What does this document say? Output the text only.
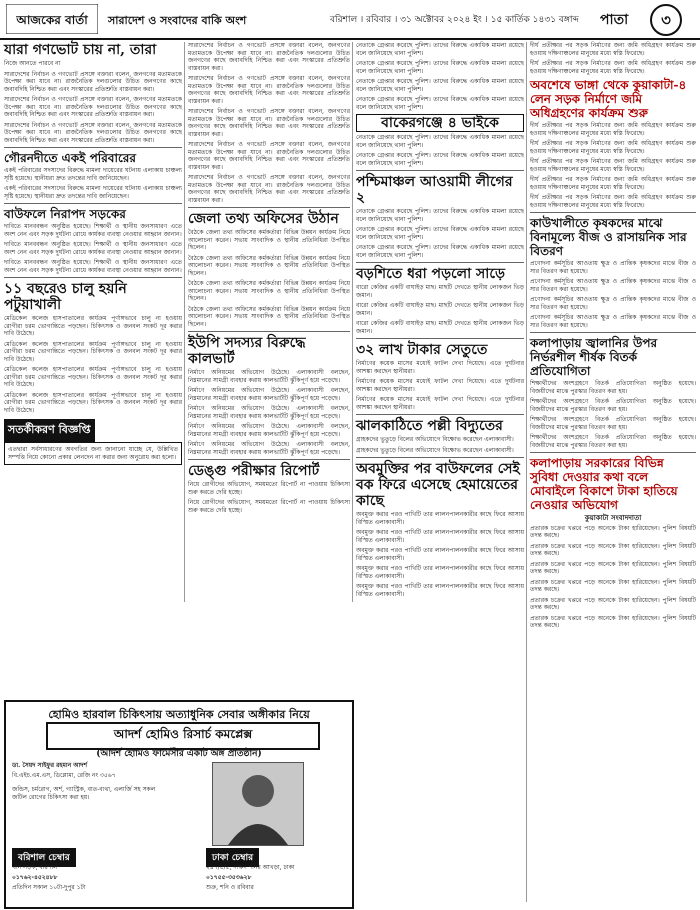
আজকের বার্তা সারাদেশ ও সংবাদের বাকি অংশ	বরিশাল । রবিবার । ৩১ অক্টোবর ২০২৪ ইং । ১৫ কার্তিক ১৪৩১ বঙ্গাব্দ পাতা	৩
যারা গণভোট চায় না, তারা
নিজে আনতে পারবে না
সারাদেশের নির্বাচন ও গণভোট প্রসঙ্গে বক্তারা বলেন, জনগণের মতামতকে উপেক্ষা করা যাবে না। রাজনৈতিক দলগুলোর উচিত জনগণের কাছে জবাবদিহি নিশ্চিত করা এবং সংস্কারের প্রতিশ্রুতি বাস্তবায়ন করা।
সারাদেশের নির্বাচন ও গণভোট প্রসঙ্গে বক্তারা বলেন, জনগণের মতামতকে উপেক্ষা করা যাবে না। রাজনৈতিক দলগুলোর উচিত জনগণের কাছে জবাবদিহি নিশ্চিত করা এবং সংস্কারের প্রতিশ্রুতি বাস্তবায়ন করা।
সারাদেশের নির্বাচন ও গণভোট প্রসঙ্গে বক্তারা বলেন, জনগণের মতামতকে উপেক্ষা করা যাবে না। রাজনৈতিক দলগুলোর উচিত জনগণের কাছে জবাবদিহি নিশ্চিত করা এবং সংস্কারের প্রতিশ্রুতি বাস্তবায়ন করা।
গৌরনদীতে একই পরিবারের
একই পরিবারের সদস্যদের বিরুদ্ধে মামলা দায়েরের ঘটনায় এলাকায় চাঞ্চল্য সৃষ্টি হয়েছে। স্থানীয়রা দ্রুত তদন্তের দাবি জানিয়েছেন।
একই পরিবারের সদস্যদের বিরুদ্ধে মামলা দায়েরের ঘটনায় এলাকায় চাঞ্চল্য সৃষ্টি হয়েছে। স্থানীয়রা দ্রুত তদন্তের দাবি জানিয়েছেন।
বাউফলে নিরাপদ সড়কের
দাবিতে মানববন্ধন অনুষ্ঠিত হয়েছে। শিক্ষার্থী ও স্থানীয় জনসাধারণ এতে অংশ নেন এবং সড়ক দুর্ঘটনা রোধে কার্যকর ব্যবস্থা নেওয়ার আহ্বান জানান।
দাবিতে মানববন্ধন অনুষ্ঠিত হয়েছে। শিক্ষার্থী ও স্থানীয় জনসাধারণ এতে অংশ নেন এবং সড়ক দুর্ঘটনা রোধে কার্যকর ব্যবস্থা নেওয়ার আহ্বান জানান।
দাবিতে মানববন্ধন অনুষ্ঠিত হয়েছে। শিক্ষার্থী ও স্থানীয় জনসাধারণ এতে অংশ নেন এবং সড়ক দুর্ঘটনা রোধে কার্যকর ব্যবস্থা নেওয়ার আহ্বান জানান।
১১ বছরেও চালু হয়নি পটুয়াখালী
মেডিকেল কলেজ হাসপাতালের কার্যক্রম পূর্ণাঙ্গভাবে চালু না হওয়ায় রোগীরা চরম ভোগান্তিতে পড়ছেন। চিকিৎসক ও জনবল সংকট দূর করার দাবি উঠেছে।
মেডিকেল কলেজ হাসপাতালের কার্যক্রম পূর্ণাঙ্গভাবে চালু না হওয়ায় রোগীরা চরম ভোগান্তিতে পড়ছেন। চিকিৎসক ও জনবল সংকট দূর করার দাবি উঠেছে।
মেডিকেল কলেজ হাসপাতালের কার্যক্রম পূর্ণাঙ্গভাবে চালু না হওয়ায় রোগীরা চরম ভোগান্তিতে পড়ছেন। চিকিৎসক ও জনবল সংকট দূর করার দাবি উঠেছে।
মেডিকেল কলেজ হাসপাতালের কার্যক্রম পূর্ণাঙ্গভাবে চালু না হওয়ায় রোগীরা চরম ভোগান্তিতে পড়ছেন। চিকিৎসক ও জনবল সংকট দূর করার দাবি উঠেছে।
সতর্কীকরণ বিজ্ঞপ্তি
এতদ্বারা সর্বসাধারণের অবগতির জন্য জানানো যাচ্ছে যে, উল্লিখিত সম্পত্তি নিয়ে কোনো প্রকার লেনদেন না করার জন্য অনুরোধ করা হলো।
সারাদেশের নির্বাচন ও গণভোট প্রসঙ্গে বক্তারা বলেন, জনগণের মতামতকে উপেক্ষা করা যাবে না। রাজনৈতিক দলগুলোর উচিত জনগণের কাছে জবাবদিহি নিশ্চিত করা এবং সংস্কারের প্রতিশ্রুতি বাস্তবায়ন করা।
সারাদেশের নির্বাচন ও গণভোট প্রসঙ্গে বক্তারা বলেন, জনগণের মতামতকে উপেক্ষা করা যাবে না। রাজনৈতিক দলগুলোর উচিত জনগণের কাছে জবাবদিহি নিশ্চিত করা এবং সংস্কারের প্রতিশ্রুতি বাস্তবায়ন করা।
সারাদেশের নির্বাচন ও গণভোট প্রসঙ্গে বক্তারা বলেন, জনগণের মতামতকে উপেক্ষা করা যাবে না। রাজনৈতিক দলগুলোর উচিত জনগণের কাছে জবাবদিহি নিশ্চিত করা এবং সংস্কারের প্রতিশ্রুতি বাস্তবায়ন করা।
সারাদেশের নির্বাচন ও গণভোট প্রসঙ্গে বক্তারা বলেন, জনগণের মতামতকে উপেক্ষা করা যাবে না। রাজনৈতিক দলগুলোর উচিত জনগণের কাছে জবাবদিহি নিশ্চিত করা এবং সংস্কারের প্রতিশ্রুতি বাস্তবায়ন করা।
সারাদেশের নির্বাচন ও গণভোট প্রসঙ্গে বক্তারা বলেন, জনগণের মতামতকে উপেক্ষা করা যাবে না। রাজনৈতিক দলগুলোর উচিত জনগণের কাছে জবাবদিহি নিশ্চিত করা এবং সংস্কারের প্রতিশ্রুতি বাস্তবায়ন করা।
জেলা তথ্য অফিসের উঠান
বৈঠকে জেলা তথ্য অফিসের কর্মকর্তারা বিভিন্ন উন্নয়ন কার্যক্রম নিয়ে আলোচনা করেন। সভায় সাংবাদিক ও স্থানীয় প্রতিনিধিরা উপস্থিত ছিলেন।
বৈঠকে জেলা তথ্য অফিসের কর্মকর্তারা বিভিন্ন উন্নয়ন কার্যক্রম নিয়ে আলোচনা করেন। সভায় সাংবাদিক ও স্থানীয় প্রতিনিধিরা উপস্থিত ছিলেন।
বৈঠকে জেলা তথ্য অফিসের কর্মকর্তারা বিভিন্ন উন্নয়ন কার্যক্রম নিয়ে আলোচনা করেন। সভায় সাংবাদিক ও স্থানীয় প্রতিনিধিরা উপস্থিত ছিলেন।
বৈঠকে জেলা তথ্য অফিসের কর্মকর্তারা বিভিন্ন উন্নয়ন কার্যক্রম নিয়ে আলোচনা করেন। সভায় সাংবাদিক ও স্থানীয় প্রতিনিধিরা উপস্থিত ছিলেন।
ইউপি সদস্যর বিরুদ্ধে কালভার্ট
নির্মাণে অনিয়মের অভিযোগ উঠেছে। এলাকাবাসী বলছেন, নিম্নমানের সামগ্রী ব্যবহার করায় কালভার্টটি ঝুঁকিপূর্ণ হয়ে পড়েছে।
নির্মাণে অনিয়মের অভিযোগ উঠেছে। এলাকাবাসী বলছেন, নিম্নমানের সামগ্রী ব্যবহার করায় কালভার্টটি ঝুঁকিপূর্ণ হয়ে পড়েছে।
নির্মাণে অনিয়মের অভিযোগ উঠেছে। এলাকাবাসী বলছেন, নিম্নমানের সামগ্রী ব্যবহার করায় কালভার্টটি ঝুঁকিপূর্ণ হয়ে পড়েছে।
নির্মাণে অনিয়মের অভিযোগ উঠেছে। এলাকাবাসী বলছেন, নিম্নমানের সামগ্রী ব্যবহার করায় কালভার্টটি ঝুঁকিপূর্ণ হয়ে পড়েছে।
নির্মাণে অনিয়মের অভিযোগ উঠেছে। এলাকাবাসী বলছেন, নিম্নমানের সামগ্রী ব্যবহার করায় কালভার্টটি ঝুঁকিপূর্ণ হয়ে পড়েছে।
ডেঙ্গু পরীক্ষার রিপোর্ট
নিয়ে রোগীদের অভিযোগ, সময়মতো রিপোর্ট না পাওয়ায় চিকিৎসা শুরু করতে দেরি হচ্ছে।
নিয়ে রোগীদের অভিযোগ, সময়মতো রিপোর্ট না পাওয়ায় চিকিৎসা শুরু করতে দেরি হচ্ছে।
নেতাকে গ্রেপ্তার করেছে পুলিশ। তাদের বিরুদ্ধে একাধিক মামলা রয়েছে বলে জানিয়েছে থানা পুলিশ।
নেতাকে গ্রেপ্তার করেছে পুলিশ। তাদের বিরুদ্ধে একাধিক মামলা রয়েছে বলে জানিয়েছে থানা পুলিশ।
নেতাকে গ্রেপ্তার করেছে পুলিশ। তাদের বিরুদ্ধে একাধিক মামলা রয়েছে বলে জানিয়েছে থানা পুলিশ।
নেতাকে গ্রেপ্তার করেছে পুলিশ। তাদের বিরুদ্ধে একাধিক মামলা রয়েছে বলে জানিয়েছে থানা পুলিশ।
বাকেরগঞ্জে ৪ ভাইকে
নেতাকে গ্রেপ্তার করেছে পুলিশ। তাদের বিরুদ্ধে একাধিক মামলা রয়েছে বলে জানিয়েছে থানা পুলিশ।
নেতাকে গ্রেপ্তার করেছে পুলিশ। তাদের বিরুদ্ধে একাধিক মামলা রয়েছে বলে জানিয়েছে থানা পুলিশ।
পশ্চিমাঞ্চল আওয়ামী লীগের ২
নেতাকে গ্রেপ্তার করেছে পুলিশ। তাদের বিরুদ্ধে একাধিক মামলা রয়েছে বলে জানিয়েছে থানা পুলিশ।
নেতাকে গ্রেপ্তার করেছে পুলিশ। তাদের বিরুদ্ধে একাধিক মামলা রয়েছে বলে জানিয়েছে থানা পুলিশ।
নেতাকে গ্রেপ্তার করেছে পুলিশ। তাদের বিরুদ্ধে একাধিক মামলা রয়েছে বলে জানিয়েছে থানা পুলিশ।
বড়শিতে ধরা পড়লো সাড়ে
বারো কেজির একটি বাঘাইড় মাছ। মাছটি দেখতে স্থানীয় লোকজন ভিড় জমান।
বারো কেজির একটি বাঘাইড় মাছ। মাছটি দেখতে স্থানীয় লোকজন ভিড় জমান।
বারো কেজির একটি বাঘাইড় মাছ। মাছটি দেখতে স্থানীয় লোকজন ভিড় জমান।
৩২ লাখ টাকার সেতুতে
নির্মাণের কয়েক মাসের মধ্যেই ফাটল দেখা দিয়েছে। এতে দুর্ঘটনার আশঙ্কা করছেন স্থানীয়রা।
নির্মাণের কয়েক মাসের মধ্যেই ফাটল দেখা দিয়েছে। এতে দুর্ঘটনার আশঙ্কা করছেন স্থানীয়রা।
নির্মাণের কয়েক মাসের মধ্যেই ফাটল দেখা দিয়েছে। এতে দুর্ঘটনার আশঙ্কা করছেন স্থানীয়রা।
ঝালকাঠিতে পল্লী বিদ্যুতের
গ্রাহকদের ভুতুড়ে বিলের অভিযোগে বিক্ষোভ করেছেন এলাকাবাসী।
গ্রাহকদের ভুতুড়ে বিলের অভিযোগে বিক্ষোভ করেছেন এলাকাবাসী।
অবমুক্তির পর বাউফলের সেই বক ফিরে এসেছে হেমায়েতের কাছে
অবমুক্ত করার পরও পাখিটি তার লালনপালনকারীর কাছে ফিরে আসায় বিস্মিত এলাকাবাসী।
অবমুক্ত করার পরও পাখিটি তার লালনপালনকারীর কাছে ফিরে আসায় বিস্মিত এলাকাবাসী।
অবমুক্ত করার পরও পাখিটি তার লালনপালনকারীর কাছে ফিরে আসায় বিস্মিত এলাকাবাসী।
অবমুক্ত করার পরও পাখিটি তার লালনপালনকারীর কাছে ফিরে আসায় বিস্মিত এলাকাবাসী।
অবমুক্ত করার পরও পাখিটি তার লালনপালনকারীর কাছে ফিরে আসায় বিস্মিত এলাকাবাসী।
দীর্ঘ প্রতীক্ষার পর সড়ক নির্মাণের জন্য জমি অধিগ্রহণ কার্যক্রম শুরু হওয়ায় দক্ষিণাঞ্চলের মানুষের মধ্যে স্বস্তি ফিরেছে।
দীর্ঘ প্রতীক্ষার পর সড়ক নির্মাণের জন্য জমি অধিগ্রহণ কার্যক্রম শুরু হওয়ায় দক্ষিণাঞ্চলের মানুষের মধ্যে স্বস্তি ফিরেছে।
অবশেষে ভাঙ্গা থেকে কুয়াকাটা-৪ লেন সড়ক নির্মাণে জমি অধিগ্রহণের কার্যক্রম শুরু
দীর্ঘ প্রতীক্ষার পর সড়ক নির্মাণের জন্য জমি অধিগ্রহণ কার্যক্রম শুরু হওয়ায় দক্ষিণাঞ্চলের মানুষের মধ্যে স্বস্তি ফিরেছে।
দীর্ঘ প্রতীক্ষার পর সড়ক নির্মাণের জন্য জমি অধিগ্রহণ কার্যক্রম শুরু হওয়ায় দক্ষিণাঞ্চলের মানুষের মধ্যে স্বস্তি ফিরেছে।
দীর্ঘ প্রতীক্ষার পর সড়ক নির্মাণের জন্য জমি অধিগ্রহণ কার্যক্রম শুরু হওয়ায় দক্ষিণাঞ্চলের মানুষের মধ্যে স্বস্তি ফিরেছে।
দীর্ঘ প্রতীক্ষার পর সড়ক নির্মাণের জন্য জমি অধিগ্রহণ কার্যক্রম শুরু হওয়ায় দক্ষিণাঞ্চলের মানুষের মধ্যে স্বস্তি ফিরেছে।
দীর্ঘ প্রতীক্ষার পর সড়ক নির্মাণের জন্য জমি অধিগ্রহণ কার্যক্রম শুরু হওয়ায় দক্ষিণাঞ্চলের মানুষের মধ্যে স্বস্তি ফিরেছে।
কাউখালীতে কৃষকদের মাঝে বিনামূল্যে বীজ ও রাসায়নিক সার বিতরণ
প্রণোদনা কর্মসূচির আওতায় ক্ষুদ্র ও প্রান্তিক কৃষকদের মাঝে বীজ ও সার বিতরণ করা হয়েছে।
প্রণোদনা কর্মসূচির আওতায় ক্ষুদ্র ও প্রান্তিক কৃষকদের মাঝে বীজ ও সার বিতরণ করা হয়েছে।
প্রণোদনা কর্মসূচির আওতায় ক্ষুদ্র ও প্রান্তিক কৃষকদের মাঝে বীজ ও সার বিতরণ করা হয়েছে।
প্রণোদনা কর্মসূচির আওতায় ক্ষুদ্র ও প্রান্তিক কৃষকদের মাঝে বীজ ও সার বিতরণ করা হয়েছে।
কলাপাড়ায় জ্বালানির উপর নির্ভরশীল শীর্ষক বিতর্ক প্রতিযোগিতা
শিক্ষার্থীদের অংশগ্রহণে বিতর্ক প্রতিযোগিতা অনুষ্ঠিত হয়েছে। বিজয়ীদের মাঝে পুরস্কার বিতরণ করা হয়।
শিক্ষার্থীদের অংশগ্রহণে বিতর্ক প্রতিযোগিতা অনুষ্ঠিত হয়েছে। বিজয়ীদের মাঝে পুরস্কার বিতরণ করা হয়।
শিক্ষার্থীদের অংশগ্রহণে বিতর্ক প্রতিযোগিতা অনুষ্ঠিত হয়েছে। বিজয়ীদের মাঝে পুরস্কার বিতরণ করা হয়।
শিক্ষার্থীদের অংশগ্রহণে বিতর্ক প্রতিযোগিতা অনুষ্ঠিত হয়েছে। বিজয়ীদের মাঝে পুরস্কার বিতরণ করা হয়।
কলাপাড়ায় সরকারের বিভিন্ন সুবিধা দেওয়ার কথা বলে মোবাইলে বিকাশে টাকা হাতিয়ে নেওয়ার অভিযোগ
কুয়াকাটা সংবাদদাতা
প্রতারক চক্রের খপ্পরে পড়ে অনেকে টাকা হারিয়েছেন। পুলিশ বিষয়টি তদন্ত করছে।
প্রতারক চক্রের খপ্পরে পড়ে অনেকে টাকা হারিয়েছেন। পুলিশ বিষয়টি তদন্ত করছে।
প্রতারক চক্রের খপ্পরে পড়ে অনেকে টাকা হারিয়েছেন। পুলিশ বিষয়টি তদন্ত করছে।
প্রতারক চক্রের খপ্পরে পড়ে অনেকে টাকা হারিয়েছেন। পুলিশ বিষয়টি তদন্ত করছে।
প্রতারক চক্রের খপ্পরে পড়ে অনেকে টাকা হারিয়েছেন। পুলিশ বিষয়টি তদন্ত করছে।
প্রতারক চক্রের খপ্পরে পড়ে অনেকে টাকা হারিয়েছেন। পুলিশ বিষয়টি তদন্ত করছে।
হোমিও হারবাল চিকিৎসায় অত্যাধুনিক সেবার অঙ্গীকার নিয়ে
আদর্শ হোমিও রিসার্চ কমপ্লেক্স
(আদর্শ হোমিও ফার্মেসীর একটি অঙ্গ প্রতিষ্ঠান)
ডা. সৈয়দ সাইফুর রহমান আদর্শ
বি.এইচ.এম.এস, ডিপ্লোমা, রেজি নং ৩৫৬৭
জন্ডিস, চর্মরোগ, অর্শ, গ্যাস্ট্রিক, বাত-ব্যথা, এলার্জি সহ সকল জটিল রোগের চিকিৎসা করা হয়।
বরিশাল চেম্বার
খান সড়ক, বরিশাল
০১৭৬২-৪৫২৪৮৮
প্রতিদিন সকাল ১০টা-দুপুর ১টা
ঢাকা চেম্বার
২৪৭/৫/৫, দক্ষিণ শনির আখড়া, ঢাকা
০১৭৫৫-৩৫৩৬২৮
শুক্র, শনি ও রবিবার
